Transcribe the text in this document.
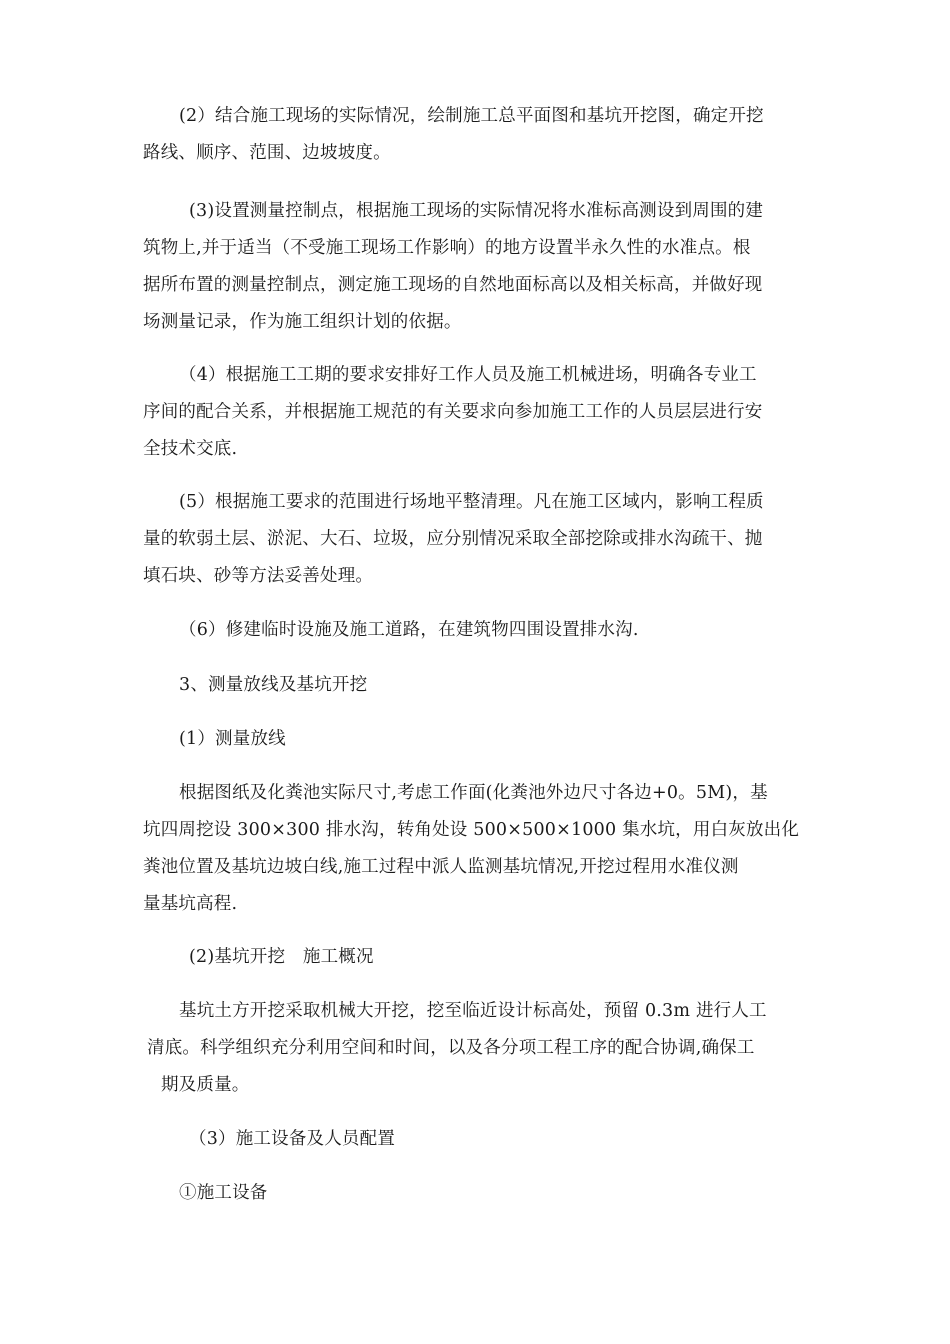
(2）结合施工现场的实际情况，绘制施工总平面图和基坑开挖图，确定开挖
路线、顺序、范围、边坡坡度。
(3)设置测量控制点，根据施工现场的实际情况将水准标高测设到周围的建
筑物上,并于适当（不受施工现场工作影响）的地方设置半永久性的水准点。根
据所布置的测量控制点，测定施工现场的自然地面标高以及相关标高，并做好现
场测量记录，作为施工组织计划的依据。
（4）根据施工工期的要求安排好工作人员及施工机械进场，明确各专业工
序间的配合关系，并根据施工规范的有关要求向参加施工工作的人员层层进行安
全技术交底.
(5）根据施工要求的范围进行场地平整清理。凡在施工区域内，影响工程质
量的软弱土层、淤泥、大石、垃圾，应分别情况采取全部挖除或排水沟疏干、抛
填石块、砂等方法妥善处理。
（6）修建临时设施及施工道路，在建筑物四围设置排水沟.
3、测量放线及基坑开挖
(1）测量放线
根据图纸及化粪池实际尺寸,考虑工作面(化粪池外边尺寸各边+0。5M)，基
坑四周挖设 300×300 排水沟，转角处设 500×500×1000 集水坑，用白灰放出化
粪池位置及基坑边坡白线,施工过程中派人监测基坑情况,开挖过程用水准仪测
量基坑高程.
(2)基坑开挖　施工概况
基坑土方开挖采取机械大开挖，挖至临近设计标高处，预留 0.3m 进行人工
清底。科学组织充分利用空间和时间，以及各分项工程工序的配合协调,确保工
期及质量。
（3）施工设备及人员配置
①施工设备
